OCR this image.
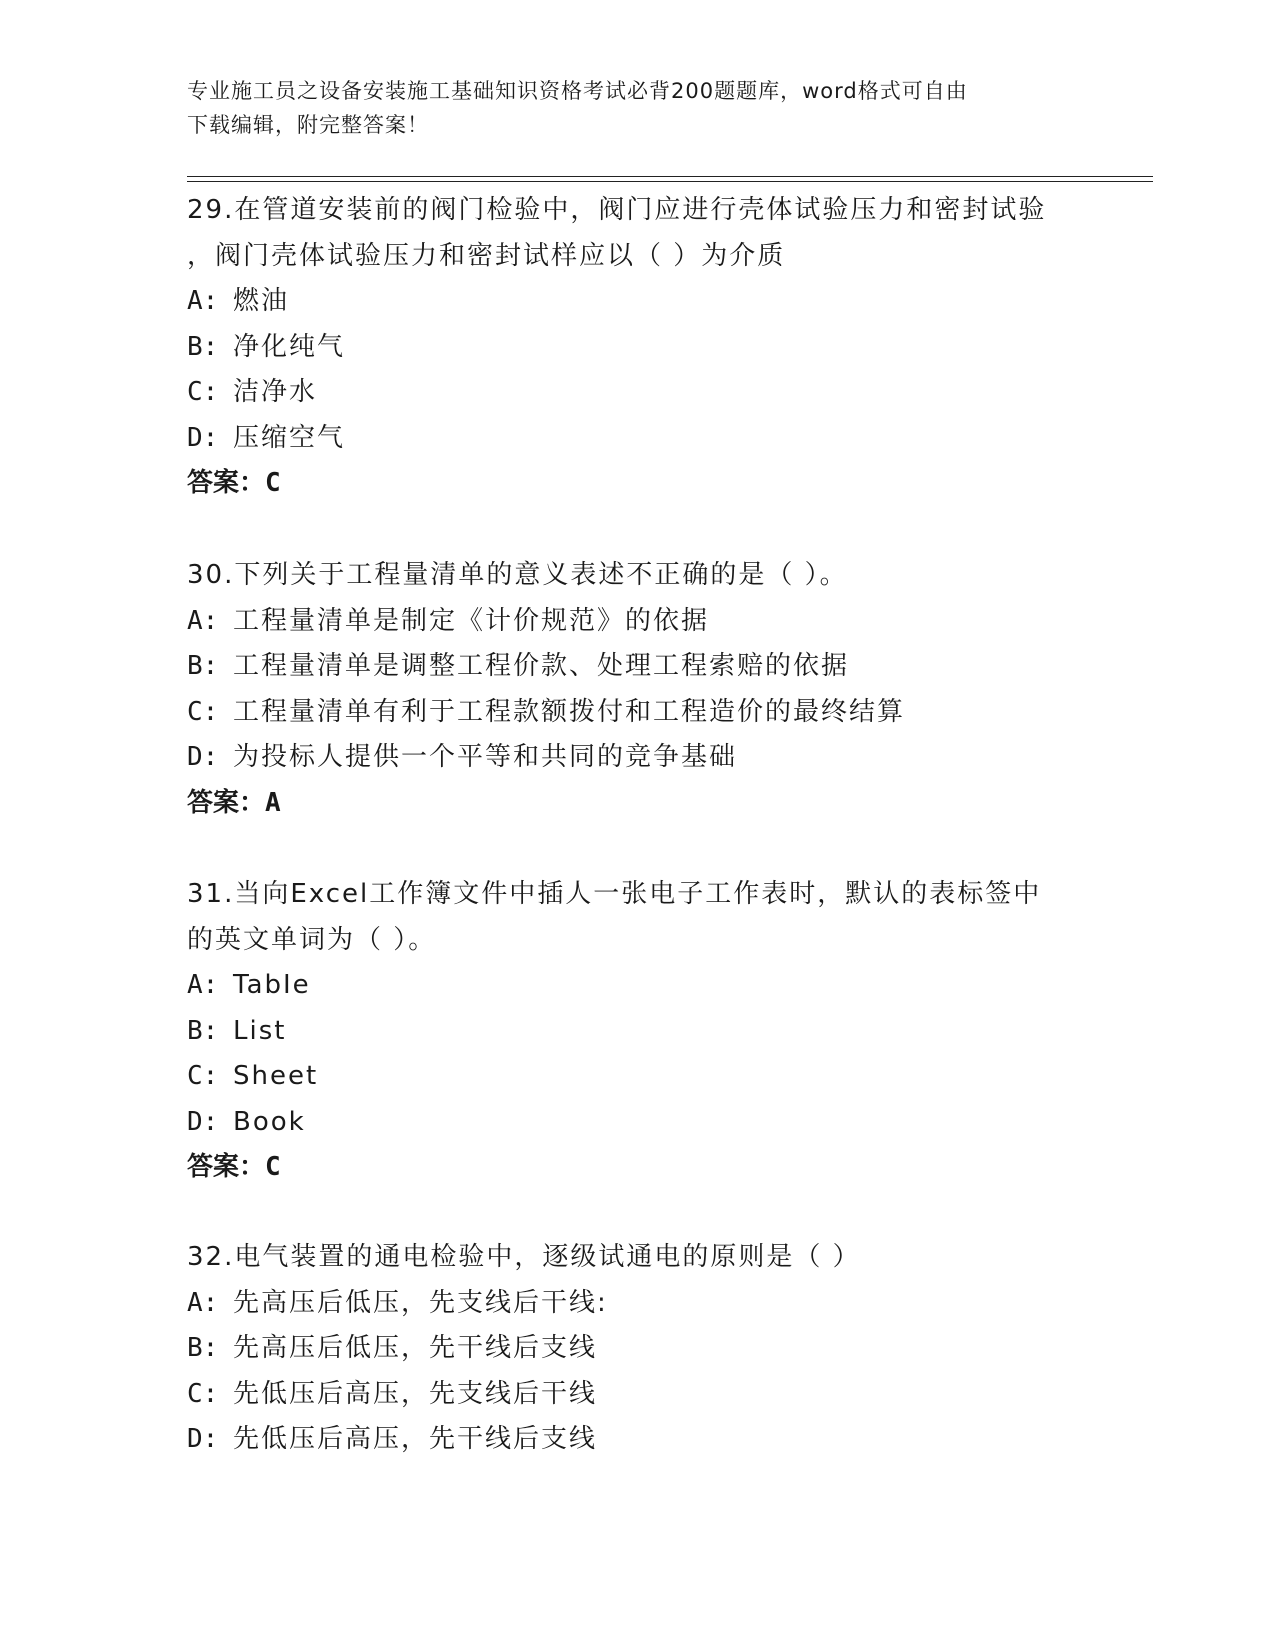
专业施工员之设备安装施工基础知识资格考试必背200题题库，word格式可自由
下载编辑，附完整答案！
29.在管道安装前的阀门检验中，阀门应进行壳体试验压力和密封试验
，阀门壳体试验压力和密封试样应以（ ）为介质
A: 燃油
B: 净化纯气
C: 洁净水
D: 压缩空气
答案：C
30.下列关于工程量清单的意义表述不正确的是（ ）。
A: 工程量清单是制定《计价规范》的依据
B: 工程量清单是调整工程价款、处理工程索赔的依据
C: 工程量清单有利于工程款额拨付和工程造价的最终结算
D: 为投标人提供一个平等和共同的竞争基础
答案：A
31.当向Excel工作簿文件中插人一张电子工作表时，默认的表标签中
的英文单词为（ ）。
A: TabIe
B: List
C: Sheet
D: Book
答案：C
32.电气装置的通电检验中，逐级试通电的原则是（ ）
A: 先高压后低压，先支线后干线:
B: 先高压后低压，先干线后支线
C: 先低压后高压，先支线后干线
D: 先低压后高压，先干线后支线
